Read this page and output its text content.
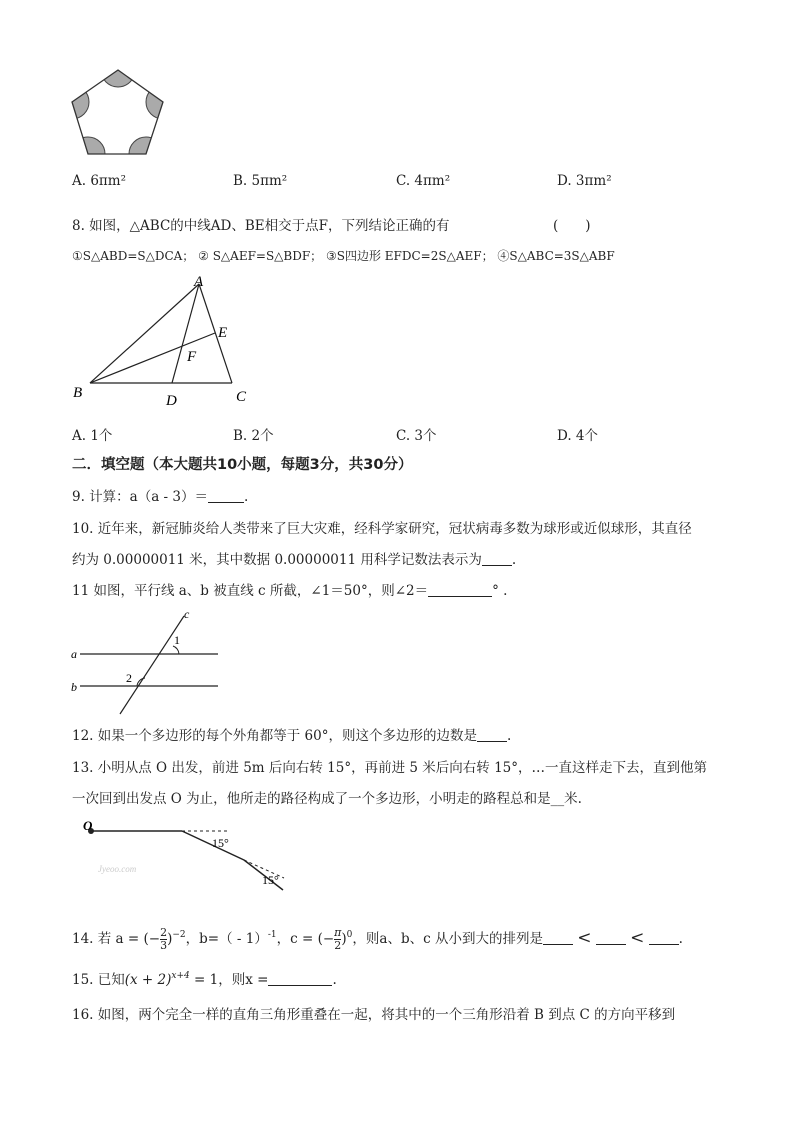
A. 6πm²	B. 5πm²	C. 4πm²	D. 3πm²
8. 如图，△ABC的中线AD、BE相交于点F，下列结论正确的有	(　　)
①S△ABD=S△DCA； ② S△AEF=S△BDF； ③S四边形 EFDC=2S△AEF； ④S△ABC=3S△ABF
A
B	C
D
E
F
A. 1个	B. 2个	C. 3个	D. 4个
二．填空题（本大题共10小题，每题3分，共30分）
9. 计算：a（a - 3）＝	.
10. 近年来，新冠肺炎给人类带来了巨大灾难，经科学家研究，冠状病毒多数为球形或近似球形，其直径
约为 0.00000011 米，其中数据 0.00000011 用科学记数法表示为 .
11 如图，平行线 a、b 被直线 c 所截，∠1＝50°，则∠2＝	° .
a
b
c
1
2
12. 如果一个多边形的每个外角都等于 60°，则这个多边形的边数是 .
13. 小明从点 O 出发，前进 5m 后向右转 15°，再前进 5 米后向右转 15°，…一直这样走下去，直到他第
一次回到出发点 O 为止，他所走的路径构成了一个多边形，小明走的路程总和是__米.
O
15°
15°
Jyeoo.com
14. 若 a = (− $\frac{2}{3} )^{-2}$，b=（ - 1）$^{-1}$，c = (− $\frac{\pi}{2} )^0$，则a、b、c 从小到大的排列是 < <	.
15. 已知$(x + 2)^{x+4} = 1$，则x =	.
16. 如图，两个完全一样的直角三角形重叠在一起，将其中的一个三角形沿着 B 到点 C 的方向平移到
